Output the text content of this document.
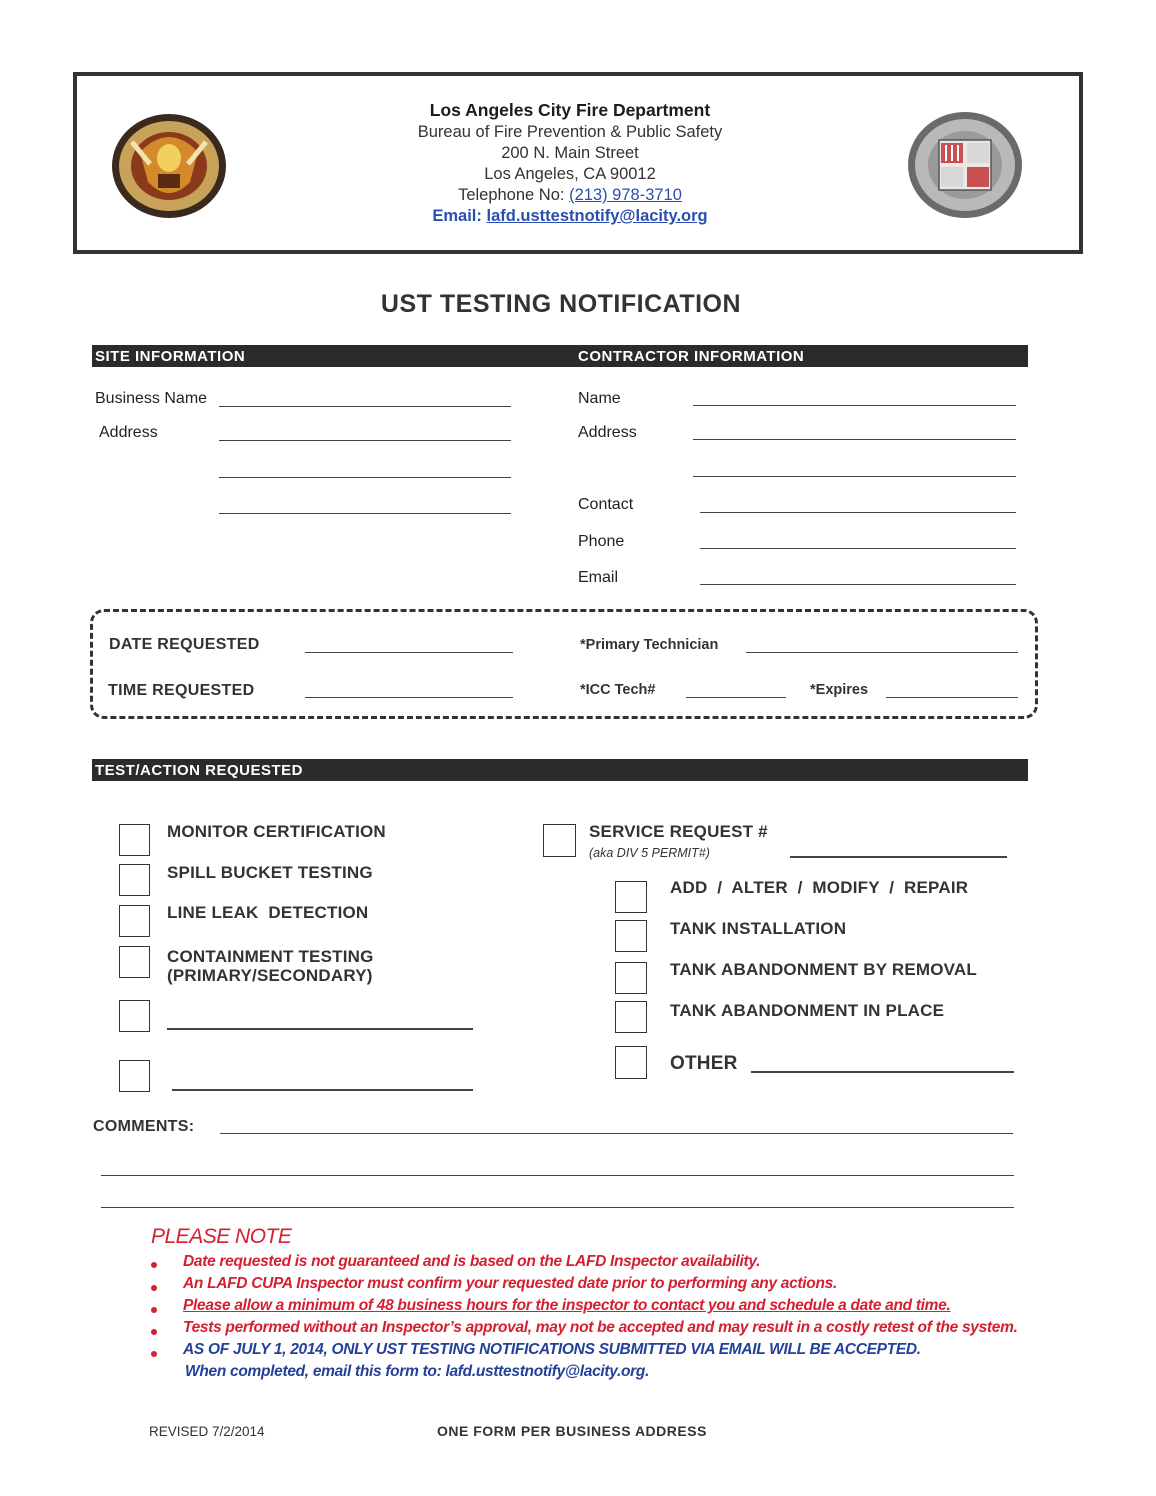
Los Angeles City Fire Department
Bureau of Fire Prevention & Public Safety
200 N. Main Street
Los Angeles, CA 90012
Telephone No: (213) 978-3710
Email: lafd.usttestnotify@lacity.org
UST TESTING NOTIFICATION
SITE INFORMATION	CONTRACTOR INFORMATION
Business Name
Address
Name
Address
Contact
Phone
Email
DATE REQUESTED
TIME REQUESTED
*Primary Technician
*ICC Tech#	*Expires
TEST/ACTION REQUESTED
MONITOR CERTIFICATION
SPILL BUCKET TESTING
LINE LEAK  DETECTION
CONTAINMENT TESTING
(PRIMARY/SECONDARY)
SERVICE REQUEST #
(aka DIV 5 PERMIT#)
ADD  /  ALTER  /  MODIFY  /  REPAIR
TANK INSTALLATION
TANK ABANDONMENT BY REMOVAL
TANK ABANDONMENT IN PLACE
OTHER
COMMENTS:
PLEASE NOTE
Date requested is not guaranteed and is based on the LAFD Inspector availability.
An LAFD CUPA Inspector must confirm your requested date prior to performing any actions.
Please allow a minimum of 48 business hours for the inspector to contact you and schedule a date and time.
Tests performed without an Inspector’s approval, may not be accepted and may result in a costly retest of the system.
AS OF JULY 1, 2014, ONLY UST TESTING NOTIFICATIONS SUBMITTED VIA EMAIL WILL BE ACCEPTED.
When completed, email this form to: lafd.usttestnotify@lacity.org.
REVISED 7/2/2014	ONE FORM PER BUSINESS ADDRESS
